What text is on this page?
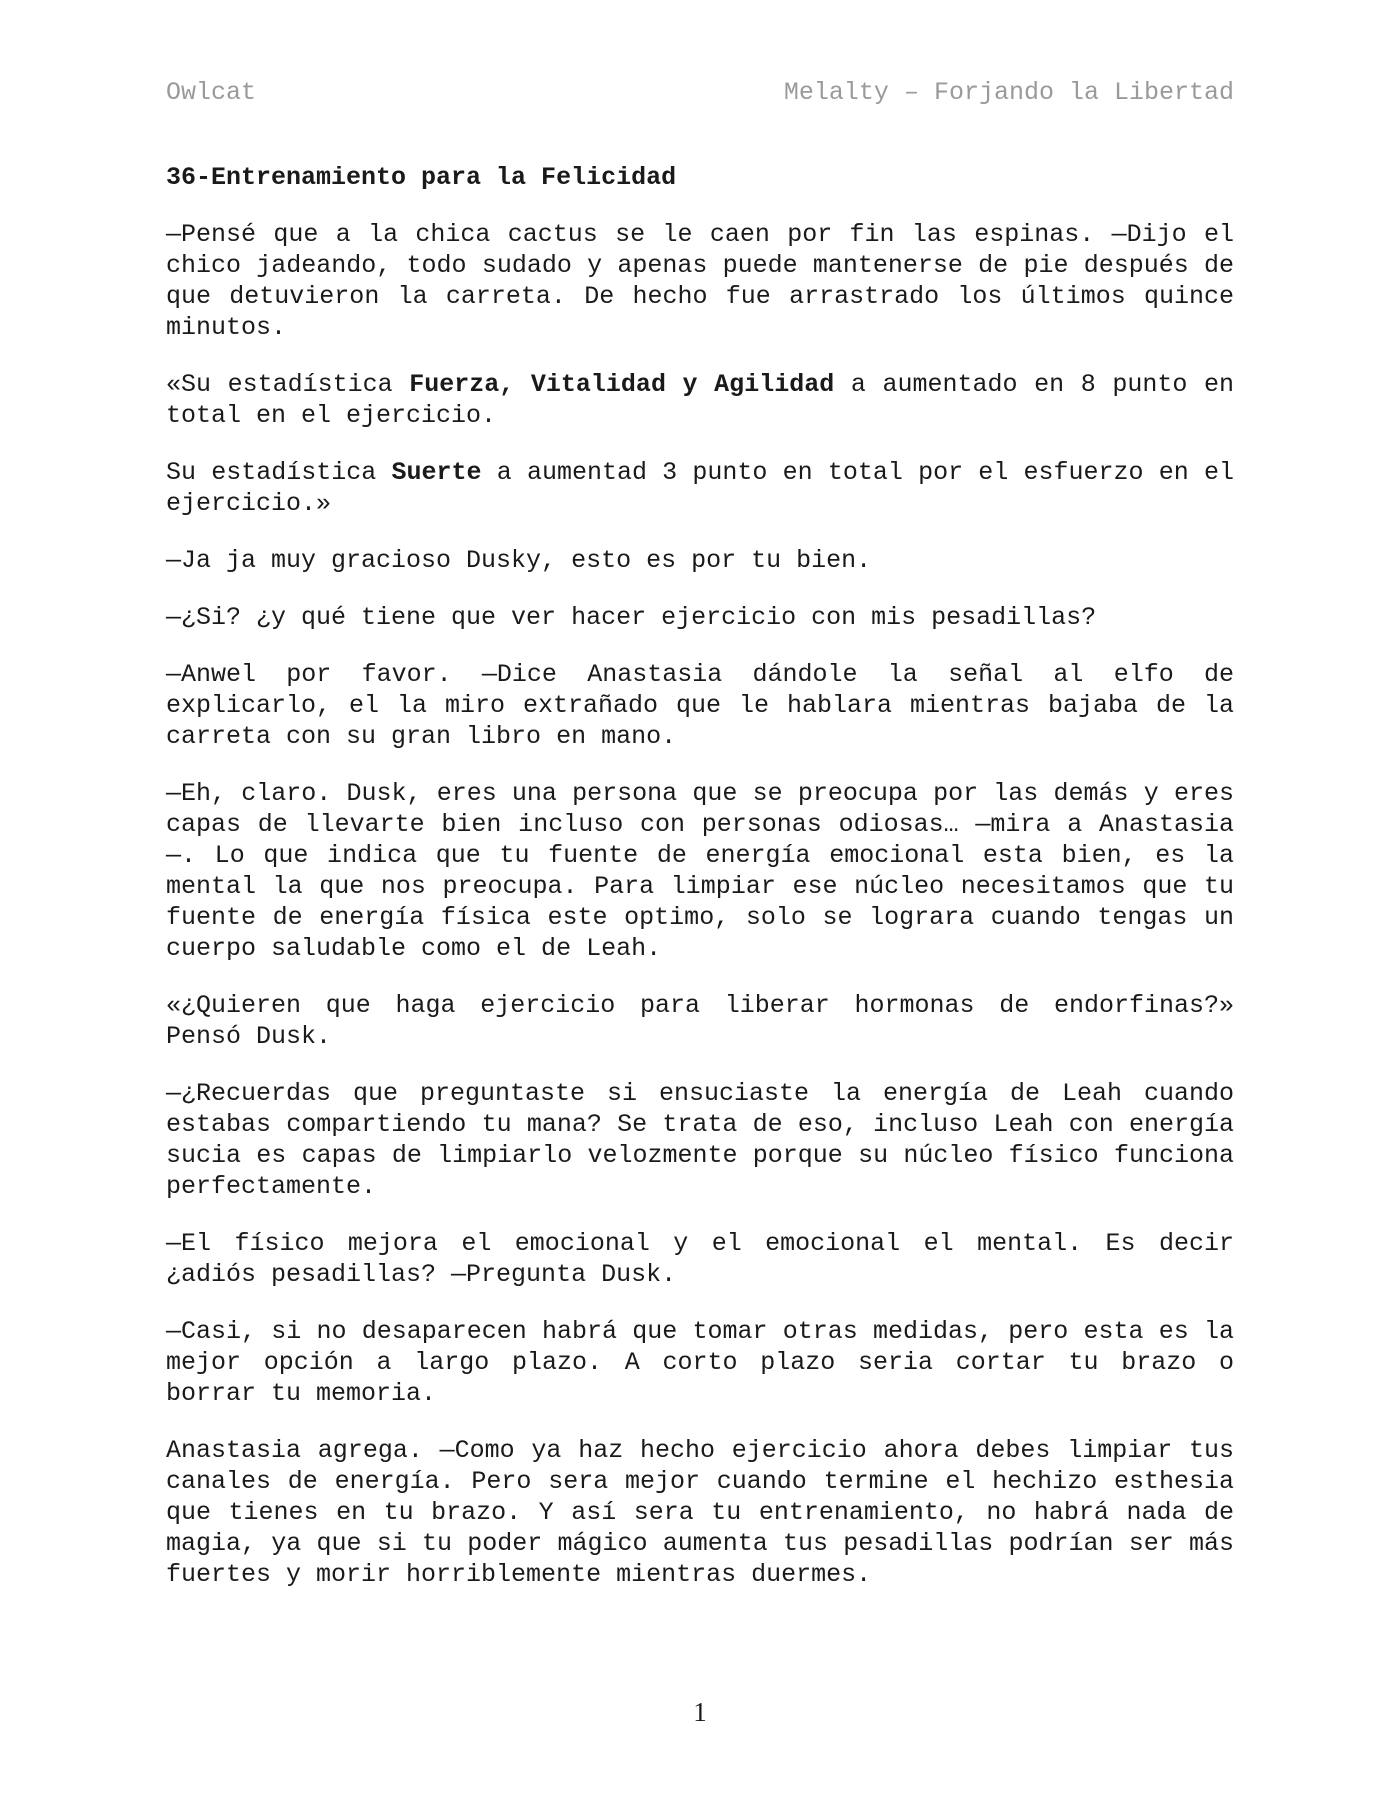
Owlcat	Melalty – Forjando la Libertad
36-Entrenamiento para la Felicidad

—Pensé que a la chica cactus se le caen por fin las espinas. —Dijo el chico jadeando, todo sudado y apenas puede mantenerse de pie después de que detuvieron la carreta. De hecho fue arrastrado los últimos quince minutos.

«Su estadística Fuerza, Vitalidad y Agilidad a aumentado en 8 punto en total en el ejercicio.

Su estadística Suerte a aumentad 3 punto en total por el esfuerzo en el ejercicio.»

—Ja ja muy gracioso Dusky, esto es por tu bien.

—¿Si? ¿y qué tiene que ver hacer ejercicio con mis pesadillas?

—Anwel por favor. —Dice Anastasia dándole la señal al elfo de explicarlo, el la miro extrañado que le hablara mientras bajaba de la carreta con su gran libro en mano.

—Eh, claro. Dusk, eres una persona que se preocupa por las demás y eres capas de llevarte bien incluso con personas odiosas… —mira a Anastasia—. Lo que indica que tu fuente de energía emocional esta bien, es la mental la que nos preocupa. Para limpiar ese núcleo necesitamos que tu fuente de energía física este optimo, solo se lograra cuando tengas un cuerpo saludable como el de Leah.

«¿Quieren que haga ejercicio para liberar hormonas de endorfinas?» Pensó Dusk.

—¿Recuerdas que preguntaste si ensuciaste la energía de Leah cuando estabas compartiendo tu mana? Se trata de eso, incluso Leah con energía sucia es capas de limpiarlo velozmente porque su núcleo físico funciona perfectamente.

—El físico mejora el emocional y el emocional el mental. Es decir ¿adiós pesadillas? —Pregunta Dusk.

—Casi, si no desaparecen habrá que tomar otras medidas, pero esta es la mejor opción a largo plazo. A corto plazo seria cortar tu brazo o borrar tu memoria.

Anastasia agrega. —Como ya haz hecho ejercicio ahora debes limpiar tus canales de energía. Pero sera mejor cuando termine el hechizo esthesia que tienes en tu brazo. Y así sera tu entrenamiento, no habrá nada de magia, ya que si tu poder mágico aumenta tus pesadillas podrían ser más fuertes y morir horriblemente mientras duermes.

1
